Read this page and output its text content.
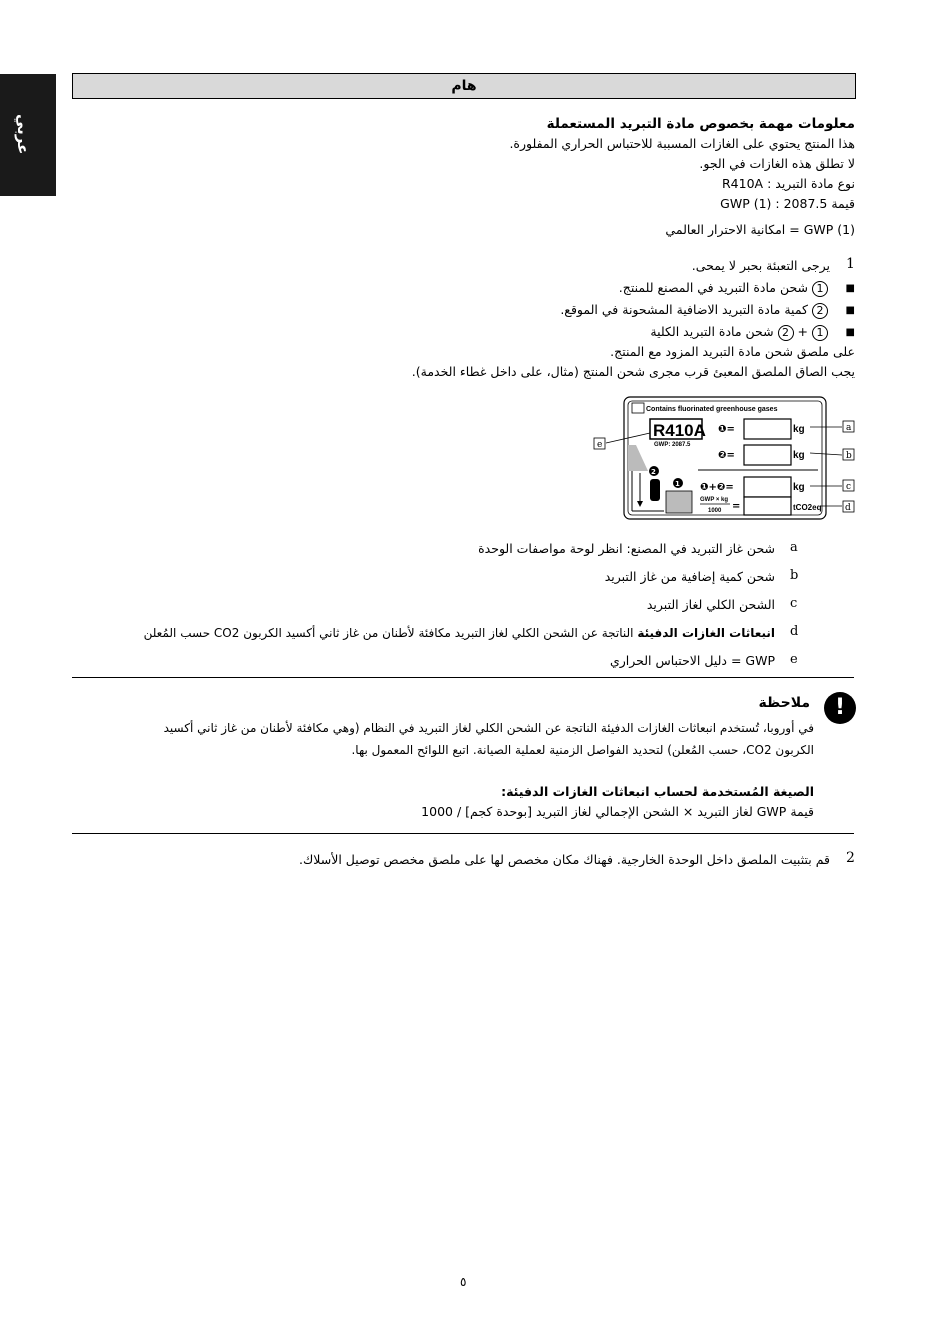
عربي
هام
معلومات مهمة بخصوص مادة التبريد المستعملة
هذا المنتج يحتوي على الغازات المسببة للاحتباس الحراري المفلورة.
لا تطلق هذه الغازات في الجو.
نوع مادة التبريد : R410A
قيمة GWP (1) : 2087.5
(1) GWP = امكانية الاحترار العالمي
1
يرجى التعبئة بحبر لا يمحى.
■
1 شحن مادة التبريد في المصنع للمنتج.
■
2 كمية مادة التبريد الاضافية المشحونة في الموقع.
■
1 + 2 شحن مادة التبريد الكلية
على ملصق شحن مادة التبريد المزود مع المنتج.
يجب الصاق الملصق المعبئ قرب مجرى شحن المنتج (مثال، على داخل غطاء الخدمة).
Contains fluorinated greenhouse gases
R410A
GWP: 2087.5
❶=	kg
❷=	kg
❶+❷=	kg
GWP × kg
1000 =	tCO2eq
2
1
a
b
c
d
e
a
شحن غاز التبريد في المصنع: انظر لوحة مواصفات الوحدة
b
شحن كمية إضافية من غاز التبريد
c
الشحن الكلي لغاز التبريد
d
انبعاثات الغازات الدفيئة الناتجة عن الشحن الكلي لغاز التبريد مكافئة لأطنان من غاز ثاني أكسيد الكربون CO2 حسب المُعلن
e
GWP = دليل الاحتباس الحراري
!
ملاحظة
في أوروبا، تُستخدم انبعاثات الغازات الدفيئة الناتجة عن الشحن الكلي لغاز التبريد في النظام (وهي مكافئة لأطنان من غاز ثاني أكسيد
الكربون CO2، حسب المُعلن) لتحديد الفواصل الزمنية لعملية الصيانة. اتبع اللوائح المعمول بها.
الصيغة المُستخدمة لحساب انبعاثات الغازات الدفيئة:
قيمة GWP لغاز التبريد × الشحن الإجمالي لغاز التبريد [بوحدة كجم] / 1000
2
قم بتثبيت الملصق داخل الوحدة الخارجية. فهناك مكان مخصص لها على ملصق مخصص توصيل الأسلاك.
٥
